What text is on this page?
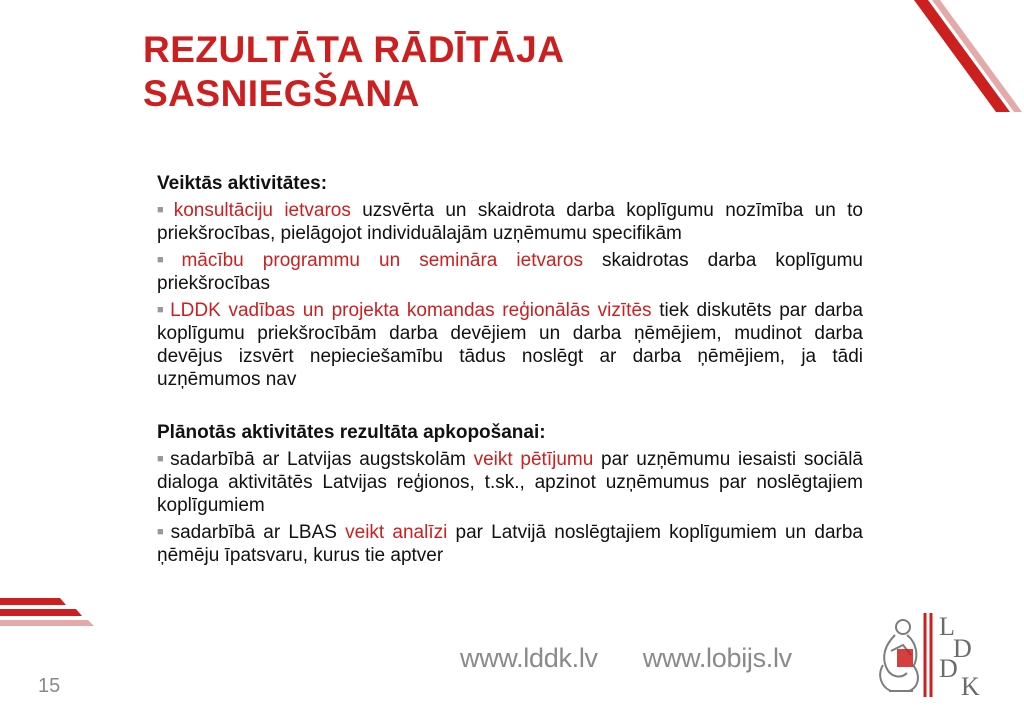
REZULTĀTA RĀDĪTĀJA
SASNIEGŠANA

Veiktās aktivitātes:

■ konsultāciju ietvaros uzsvērta un skaidrota darba koplīgumu nozīmība un to priekšrocības, pielāgojot individuālajām uzņēmumu specifikām

■ mācību programmu un semināra ietvaros skaidrotas darba koplīgumu priekšrocības

■ LDDK vadības un projekta komandas reģionālās vizītēs tiek diskutēts par darba koplīgumu priekšrocībām darba devējiem un darba ņēmējiem, mudinot darba devējus izsvērt nepieciešamību tādus noslēgt ar darba ņēmējiem, ja tādi uzņēmumos nav

Plānotās aktivitātes rezultāta apkopošanai:

■ sadarbībā ar Latvijas augstskolām veikt pētījumu par uzņēmumu iesaisti sociālā dialoga aktivitātēs Latvijas reģionos, t.sk., apzinot uzņēmumus par noslēgtajiem koplīgumiem

■ sadarbībā ar LBAS veikt analīzi par Latvijā noslēgtajiem koplīgumiem un darba ņēmēju īpatsvaru, kurus tie aptver

www.lddk.lv www.lobijs.lv
15
L
D
D
K
